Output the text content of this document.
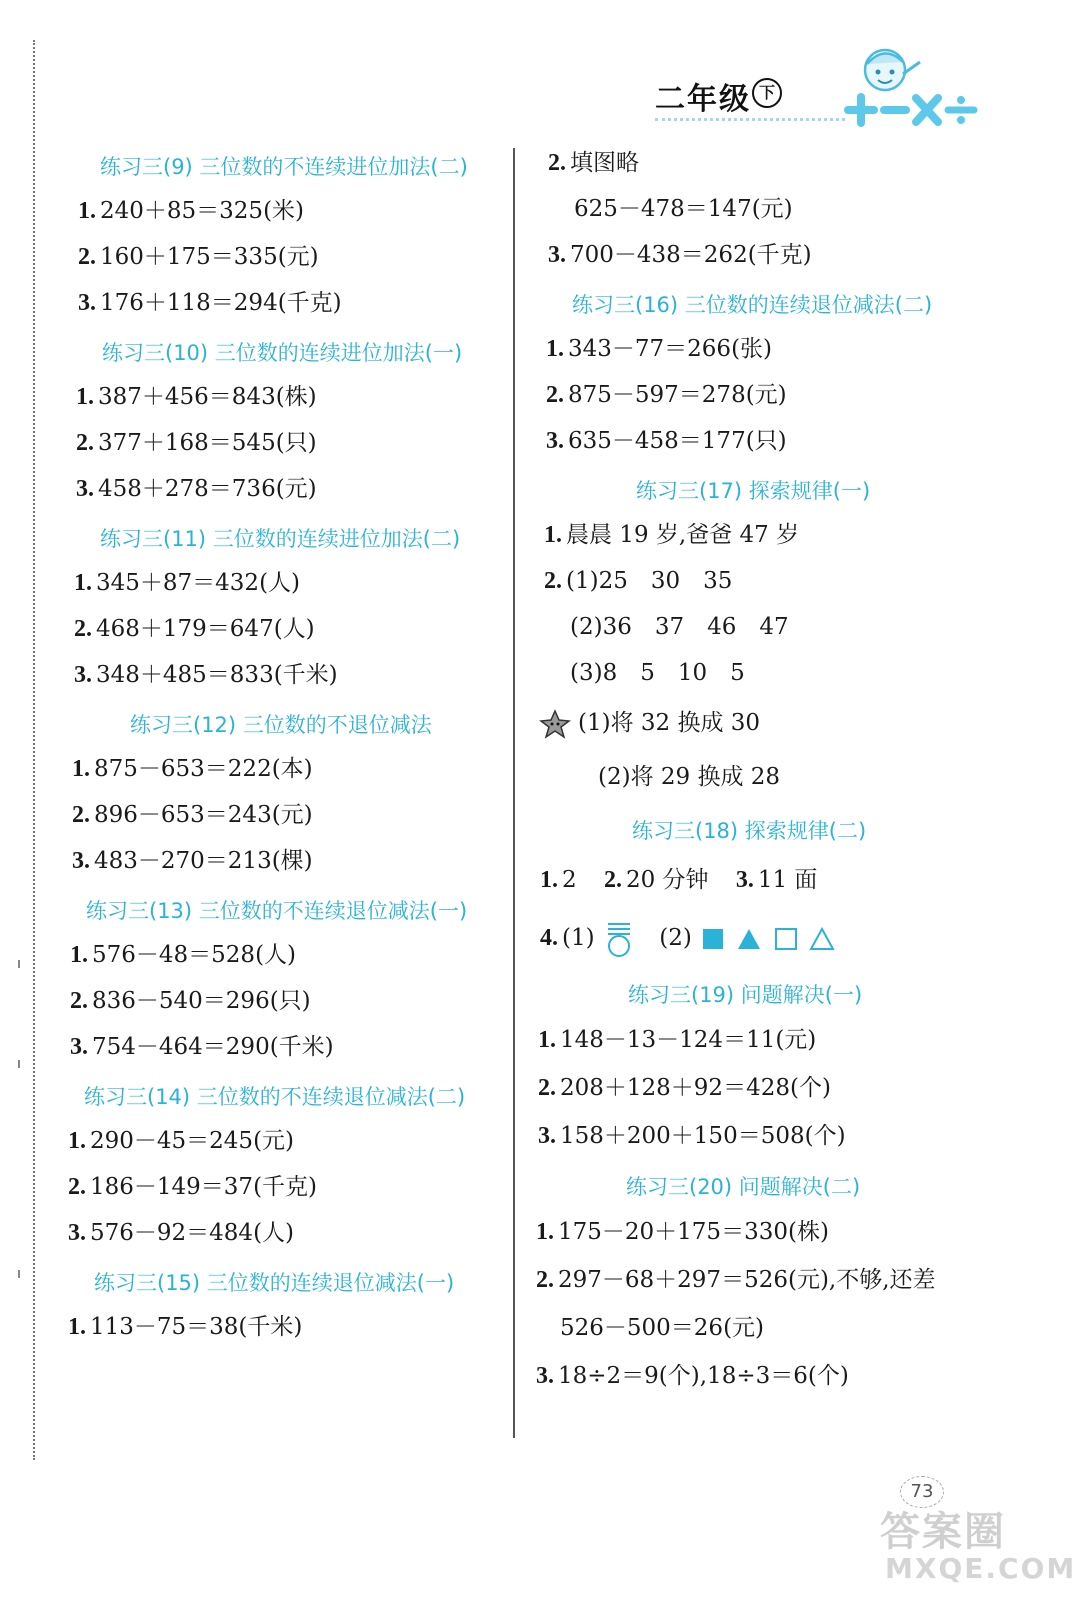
二年级 下
练习三(9) 三位数的不连续进位加法(二)
1. 240＋85＝325(米)
2. 160＋175＝335(元)
3. 176＋118＝294(千克)
练习三(10) 三位数的连续进位加法(一)
1. 387＋456＝843(株)
2. 377＋168＝545(只)
3. 458＋278＝736(元)
练习三(11) 三位数的连续进位加法(二)
1. 345＋87＝432(人)
2. 468＋179＝647(人)
3. 348＋485＝833(千米)
练习三(12) 三位数的不退位减法
1. 875－653＝222(本)
2. 896－653＝243(元)
3. 483－270＝213(棵)
练习三(13) 三位数的不连续退位减法(一)
1. 576－48＝528(人)
2. 836－540＝296(只)
3. 754－464＝290(千米)
练习三(14) 三位数的不连续退位减法(二)
1. 290－45＝245(元)
2. 186－149＝37(千克)
3. 576－92＝484(人)
练习三(15) 三位数的连续退位减法(一)
1. 113－75＝38(千米)
2. 填图略
625－478＝147(元)
3. 700－438＝262(千克)
练习三(16) 三位数的连续退位减法(二)
1. 343－77＝266(张)
2. 875－597＝278(元)
3. 635－458＝177(只)
练习三(17) 探索规律(一)
1. 晨晨 19 岁,爸爸 47 岁
2. (1)25　30　35
(2)36　37　46　47
(3)8　5　10　5
(1)将 32 换成 30
(2)将 29 换成 28
练习三(18) 探索规律(二)
1. 2 2. 20 分钟 3. 11 面
4. (1)	(2)
练习三(19) 问题解决(一)
1. 148－13－124＝11(元)
2. 208＋128＋92＝428(个)
3. 158＋200＋150＝508(个)
练习三(20) 问题解决(二)
1. 175－20＋175＝330(株)
2. 297－68＋297＝526(元),不够,还差
526－500＝26(元)
3. 18÷2＝9(个),18÷3＝6(个)
73
答案圈
MXQE.COM
